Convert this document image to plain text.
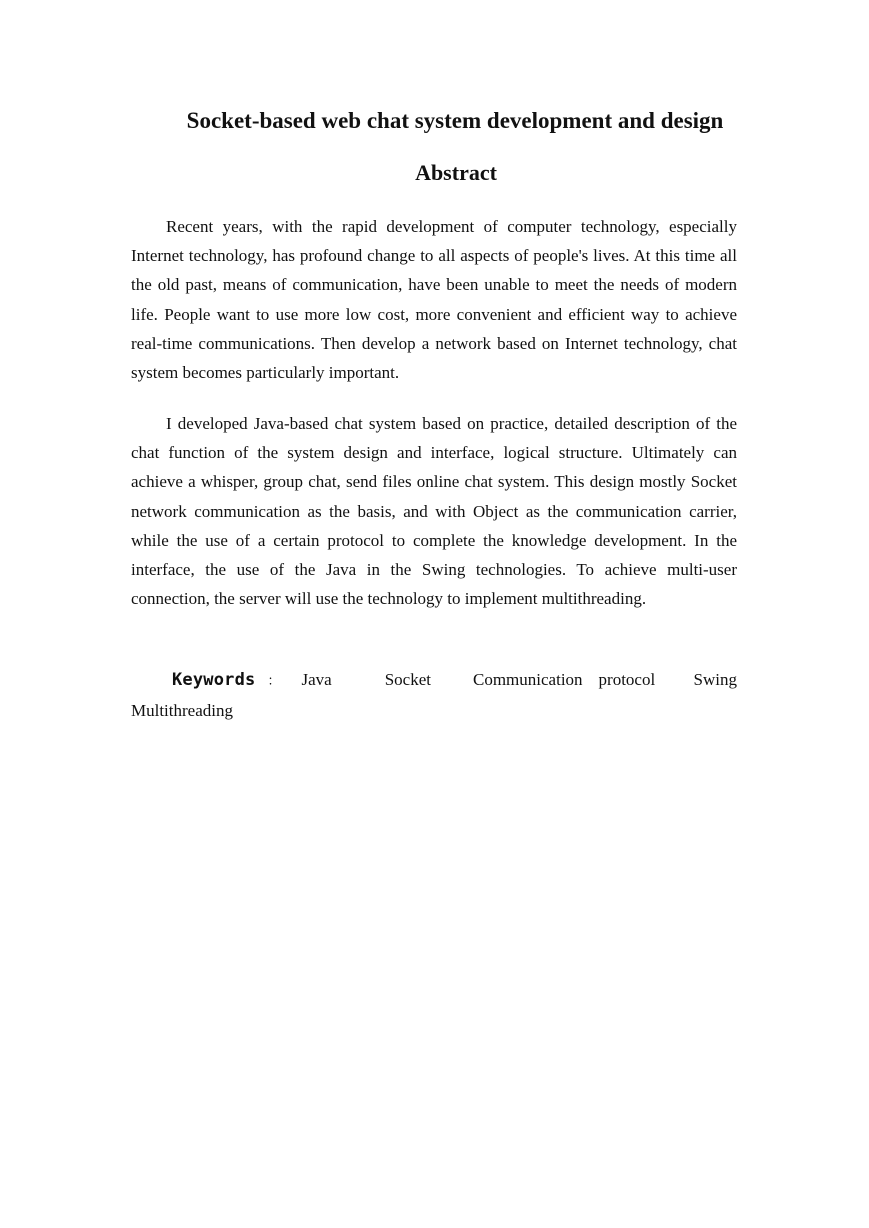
Socket-based web chat system development and design
Abstract

Recent years, with the rapid development of computer technology, especially Internet technology, has profound change to all aspects of people's lives. At this time all the old past, means of communication, have been unable to meet the needs of modern life. People want to use more low cost, more convenient and efficient way to achieve real-time communications. Then develop a network based on Internet technology, chat system becomes particularly important.

I developed Java-based chat system based on practice, detailed description of the chat function of the system design and interface, logical structure. Ultimately can achieve a whisper, group chat, send files online chat system. This design mostly Socket network communication as the basis, and with Object as the communication carrier, while the use of a certain protocol to complete the knowledge development. In the interface, the use of the Java in the Swing technologies. To achieve multi-user connection, the server will use the technology to implement multithreading.

Keywords ： Java	Socket Communication protocol Swing
Multithreading
